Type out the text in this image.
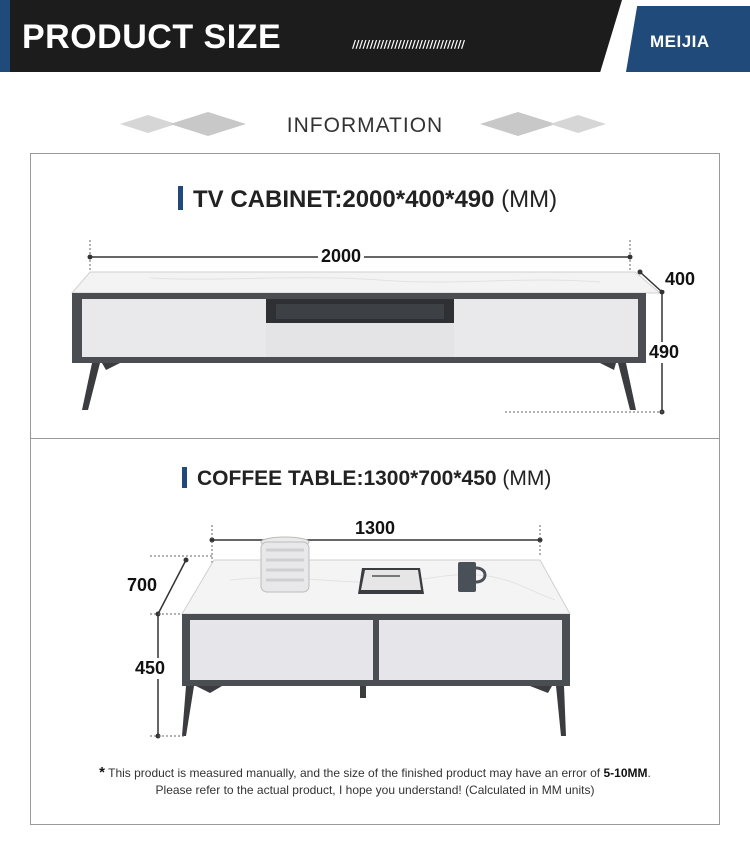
PRODUCT SIZE	////////////////////////////////	MEIJIA
INFORMATION
TV CABINET:2000*400*490 (MM)
2000
400
490
COFFEE TABLE:1300*700*450 (MM)
1300
700
450
* This product is measured manually, and the size of the finished product may have an error of 5-10MM.
Please refer to the actual product, I hope you understand! (Calculated in MM units)
